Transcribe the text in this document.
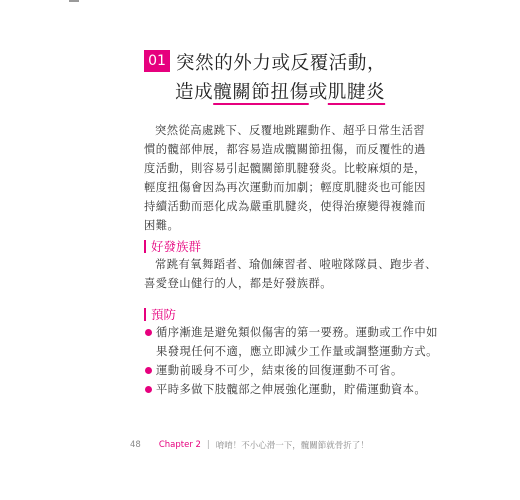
01 突然的外力或反覆活動，
造成髖關節扭傷或肌腱炎
突然從高處跳下、反覆地跳躍動作、超乎日常生活習
慣的髖部伸展，都容易造成髖關節扭傷，而反覆性的過
度活動，則容易引起髖關節肌腱發炎。比較麻煩的是，
輕度扭傷會因為再次運動而加劇；輕度肌腱炎也可能因
持續活動而惡化成為嚴重肌腱炎，使得治療變得複雜而
困難。
好發族群
常跳有氧舞蹈者、瑜伽練習者、啦啦隊隊員、跑步者、
喜愛登山健行的人，都是好發族群。
預防
循序漸進是避免類似傷害的第一要務。運動或工作中如
果發現任何不適，應立即減少工作量或調整運動方式。
運動前暖身不可少，結束後的回復運動不可省。
平時多做下肢髖部之伸展強化運動，貯備運動資本。
48 Chapter 2 | 唷唷！不小心滑一下，髖關節就骨折了！
